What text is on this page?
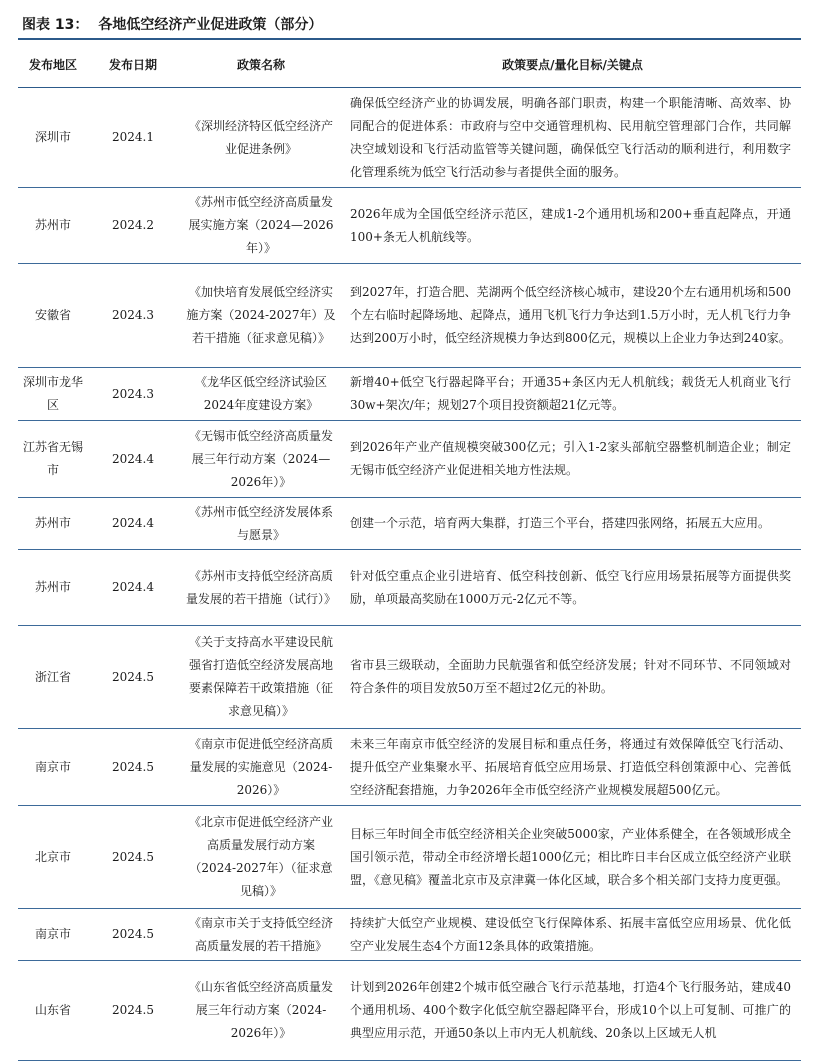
图表 13： 各地低空经济产业促进政策（部分）
发布地区	发布日期	政策名称	政策要点/量化目标/关键点
深圳市	2024.1	《深圳经济特区低空经济产业促进条例》	确保低空经济产业的协调发展，明确各部门职责，构建一个职能清晰、高效率、协同配合的促进体系：市政府与空中交通管理机构、民用航空管理部门合作，共同解决空域划设和飞行活动监管等关键问题，确保低空飞行活动的顺利进行，利用数字化管理系统为低空飞行活动参与者提供全面的服务。
苏州市	2024.2	《苏州市低空经济高质量发展实施方案（2024—2026年）》	2026年成为全国低空经济示范区，建成1-2个通用机场和200+垂直起降点，开通100+条无人机航线等。
安徽省	2024.3	《加快培育发展低空经济实施方案（2024-2027年）及若干措施（征求意见稿）》	到2027年，打造合肥、芜湖两个低空经济核心城市，建设20个左右通用机场和500个左右临时起降场地、起降点，通用飞机飞行力争达到1.5万小时，无人机飞行力争达到200万小时，低空经济规模力争达到800亿元，规模以上企业力争达到240家。
深圳市龙华区	2024.3	《龙华区低空经济试验区2024年度建设方案》	新增40+低空飞行器起降平台；开通35+条区内无人机航线；载货无人机商业飞行30w+架次/年；规划27个项目投资额超21亿元等。
江苏省无锡市	2024.4	《无锡市低空经济高质量发展三年行动方案（2024—2026年）》	到2026年产业产值规模突破300亿元；引入1-2家头部航空器整机制造企业；制定无锡市低空经济产业促进相关地方性法规。
苏州市	2024.4	《苏州市低空经济发展体系与愿景》	创建一个示范，培育两大集群，打造三个平台，搭建四张网络，拓展五大应用。
苏州市	2024.4	《苏州市支持低空经济高质量发展的若干措施（试行）》	针对低空重点企业引进培育、低空科技创新、低空飞行应用场景拓展等方面提供奖励，单项最高奖励在1000万元-2亿元不等。
浙江省	2024.5	《关于支持高水平建设民航强省打造低空经济发展高地要素保障若干政策措施（征求意见稿）》	省市县三级联动，全面助力民航强省和低空经济发展；针对不同环节、不同领域对符合条件的项目发放50万至不超过2亿元的补助。
南京市	2024.5	《南京市促进低空经济高质量发展的实施意见（2024-2026）》	未来三年南京市低空经济的发展目标和重点任务，将通过有效保障低空飞行活动、提升低空产业集聚水平、拓展培育低空应用场景、打造低空科创策源中心、完善低空经济配套措施，力争2026年全市低空经济产业规模发展超500亿元。
北京市	2024.5	《北京市促进低空经济产业高质量发展行动方案（2024-2027年）（征求意见稿）》	目标三年时间全市低空经济相关企业突破5000家，产业体系健全，在各领域形成全国引领示范，带动全市经济增长超1000亿元；相比昨日丰台区成立低空经济产业联盟，《意见稿》覆盖北京市及京津冀一体化区域，联合多个相关部门支持力度更强。
南京市	2024.5	《南京市关于支持低空经济高质量发展的若干措施》	持续扩大低空产业规模、建设低空飞行保障体系、拓展丰富低空应用场景、优化低空产业发展生态4个方面12条具体的政策措施。
山东省	2024.5	《山东省低空经济高质量发展三年行动方案（2024-2026年）》	计划到2026年创建2个城市低空融合飞行示范基地，打造4个飞行服务站，建成40个通用机场、400个数字化低空航空器起降平台，形成10个以上可复制、可推广的典型应用示范，开通50条以上市内无人机航线、20条以上区域无人机
